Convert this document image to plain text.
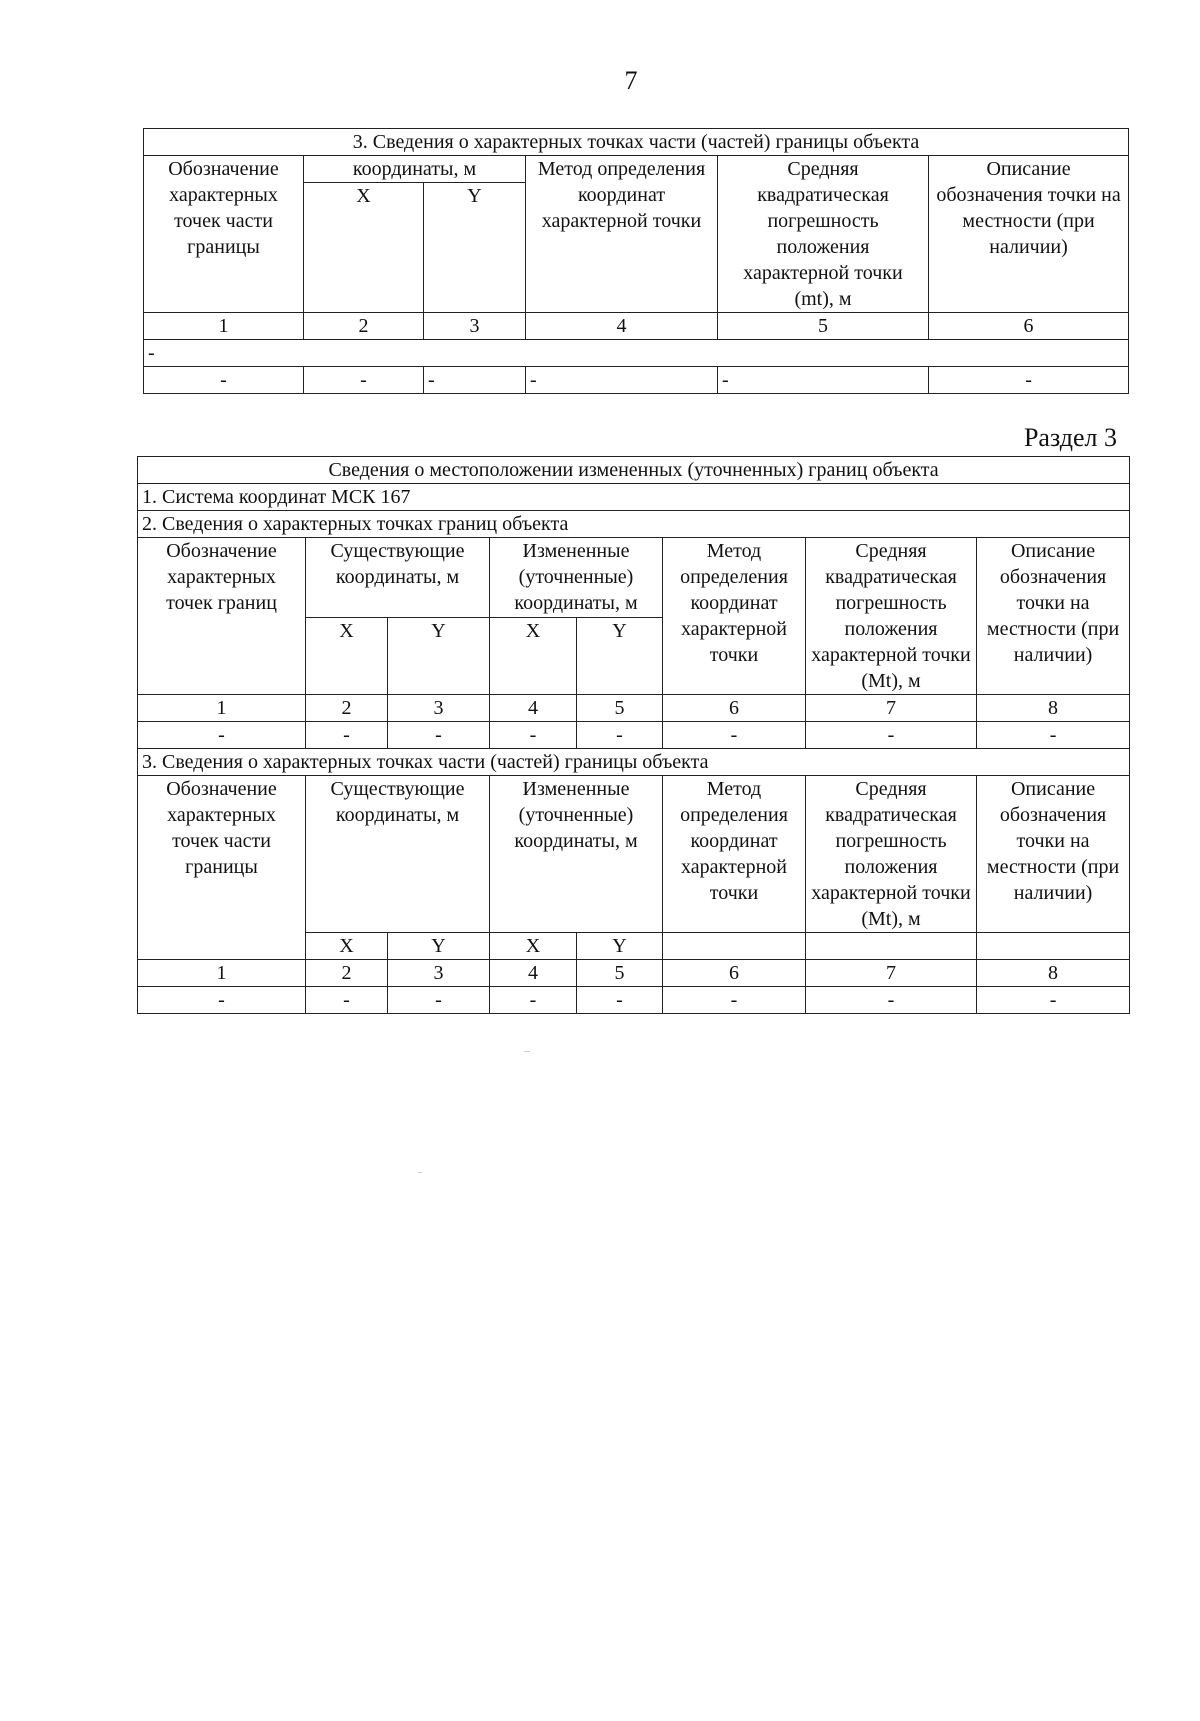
7
3. Сведения о характерных точках части (частей) границы объекта					
Обозначение характерных точек части границы	координаты, м		Метод определения координат характерной точки	Средняя квадратическая погрешность положения характерной точки (mt), м	Описание обозначения точки на местности (при наличии)
	X	Y			
1	2	3	4	5	6
-					
-	-	-	-	-	-
Раздел 3
Сведения о местоположении измененных (уточненных) границ объекта							
1. Система координат МСК 167							
2. Сведения о характерных точках границ объекта							
Обозначение характерных точек границ	Существующие координаты, м		Измененные (уточненные) координаты, м		Метод определения координат характерной точки	Средняя квадратическая погрешность положения характерной точки (Mt), м	Описание обозначения точки на местности (при наличии)
	X	Y	X	Y			
1	2	3	4	5	6	7	8
-	-	-	-	-	-	-	-
3. Сведения о характерных точках части (частей) границы объекта							
Обозначение характерных точек части границы	Существующие координаты, м		Измененные (уточненные) координаты, м		Метод определения координат характерной точки	Средняя квадратическая погрешность положения характерной точки (Mt), м	Описание обозначения точки на местности (при наличии)
	X	Y	X	Y			
1	2	3	4	5	6	7	8
-	-	-	-	-	-	-	-
